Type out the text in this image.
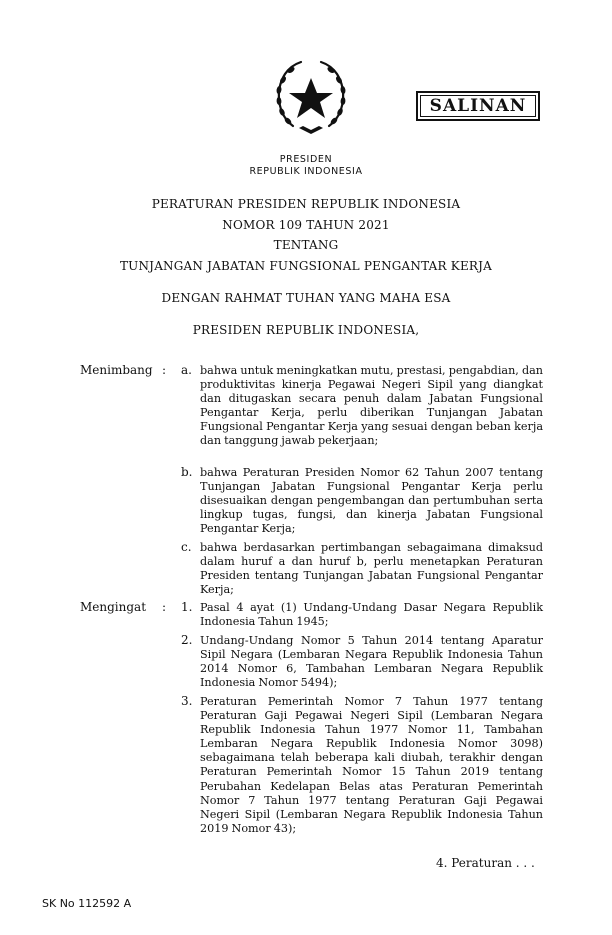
SALINAN
PRESIDEN
REPUBLIK INDONESIA
PERATURAN PRESIDEN REPUBLIK INDONESIA
NOMOR 109 TAHUN 2021
TENTANG
TUNJANGAN JABATAN FUNGSIONAL PENGANTAR KERJA
DENGAN RAHMAT TUHAN YANG MAHA ESA
PRESIDEN REPUBLIK INDONESIA,
Menimbang : a. bahwa untuk meningkatkan mutu, prestasi, pengabdian, dan produktivitas kinerja Pegawai Negeri Sipil yang diangkat dan ditugaskan secara penuh dalam Jabatan Fungsional Pengantar Kerja, perlu diberikan Tunjangan Jabatan Fungsional Pengantar Kerja yang sesuai dengan beban kerja dan tanggung jawab pekerjaan;
b. bahwa Peraturan Presiden Nomor 62 Tahun 2007 tentang Tunjangan Jabatan Fungsional Pengantar Kerja perlu disesuaikan dengan pengembangan dan pertumbuhan serta lingkup tugas, fungsi, dan kinerja Jabatan Fungsional Pengantar Kerja;
c. bahwa berdasarkan pertimbangan sebagaimana dimaksud dalam huruf a dan huruf b, perlu menetapkan Peraturan Presiden tentang Tunjangan Jabatan Fungsional Pengantar Kerja;
Mengingat : 1. Pasal 4 ayat (1) Undang-Undang Dasar Negara Republik Indonesia Tahun 1945;
2. Undang-Undang Nomor 5 Tahun 2014 tentang Aparatur Sipil Negara (Lembaran Negara Republik Indonesia Tahun 2014 Nomor 6, Tambahan Lembaran Negara Republik Indonesia Nomor 5494);
3. Peraturan Pemerintah Nomor 7 Tahun 1977 tentang Peraturan Gaji Pegawai Negeri Sipil (Lembaran Negara Republik Indonesia Tahun 1977 Nomor 11, Tambahan Lembaran Negara Republik Indonesia Nomor 3098) sebagaimana telah beberapa kali diubah, terakhir dengan Peraturan Pemerintah Nomor 15 Tahun 2019 tentang Perubahan Kedelapan Belas atas Peraturan Pemerintah Nomor 7 Tahun 1977 tentang Peraturan Gaji Pegawai Negeri Sipil (Lembaran Negara Republik Indonesia Tahun 2019 Nomor 43);
4. Peraturan . . .
SK No 112592 A
